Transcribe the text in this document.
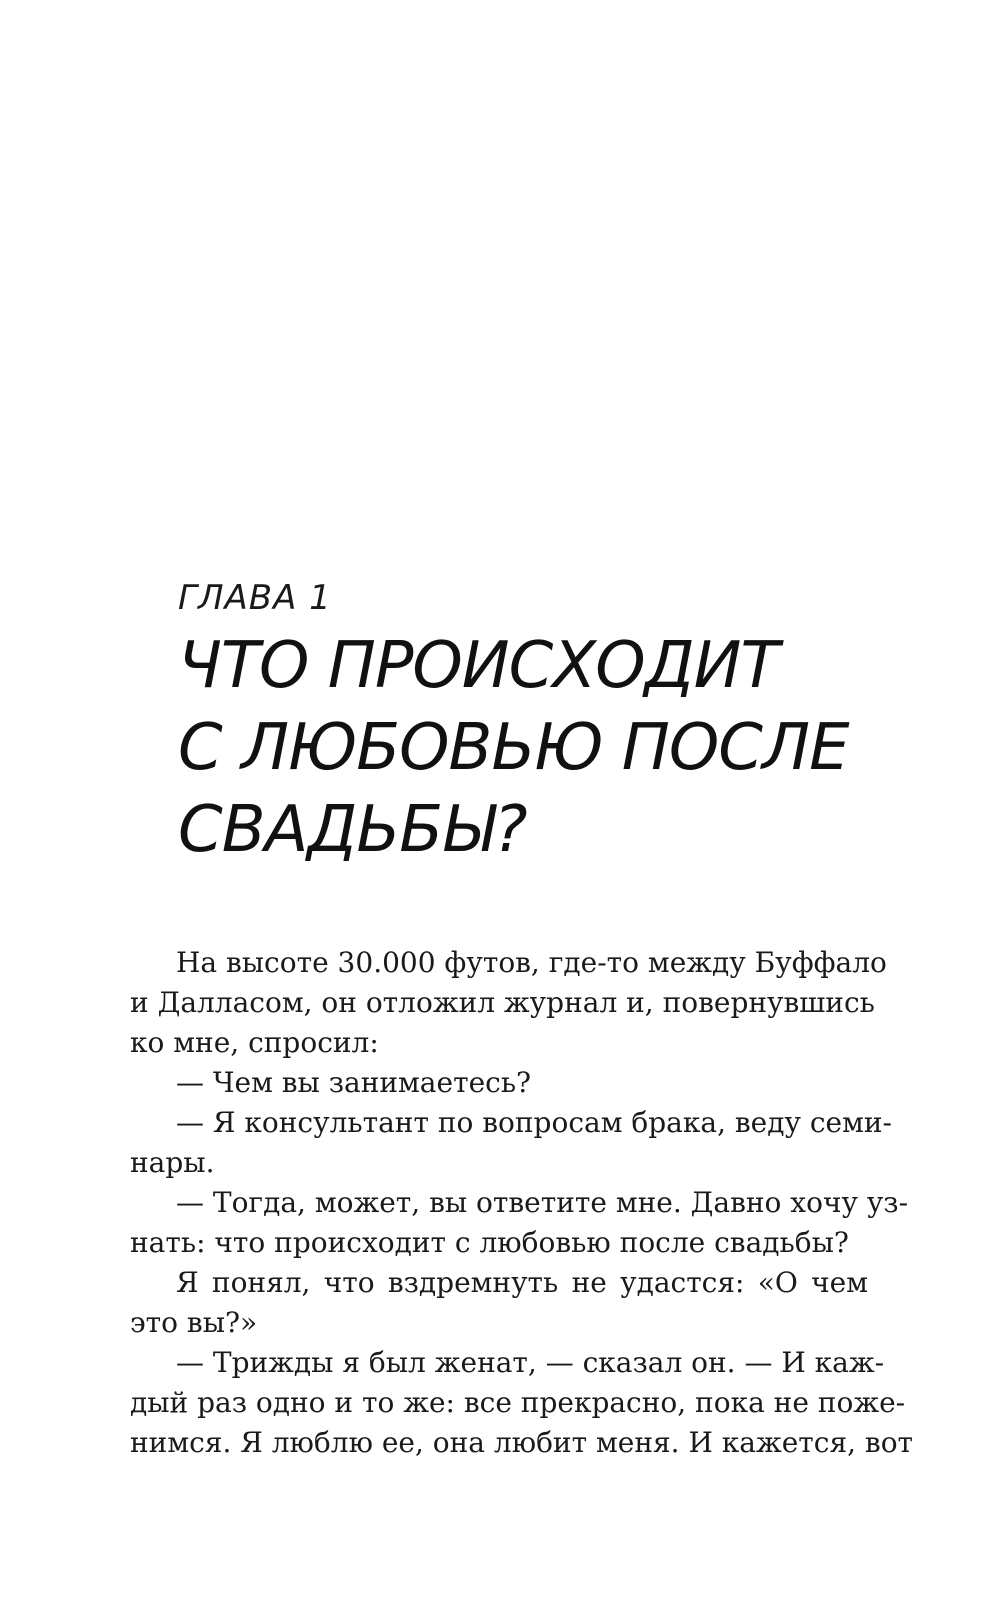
ГЛАВА 1
ЧТО ПРОИСХОДИТ
С ЛЮБОВЬЮ ПОСЛЕ
СВАДЬБЫ?
На высоте 30.000 футов, где-то между Буффало
и Далласом, он отложил журнал и, повернувшись
ко мне, спросил:
— Чем вы занимаетесь?
— Я консультант по вопросам брака, веду семи-
нары.
— Тогда, может, вы ответите мне. Давно хочу уз-
нать: что происходит с любовью после свадьбы?
Я понял, что вздремнуть не удастся: «О чем
это вы?»
— Трижды я был женат, — сказал он. — И каж-
дый раз одно и то же: все прекрасно, пока не поже-
нимся. Я люблю ее, она любит меня. И кажется, вот
